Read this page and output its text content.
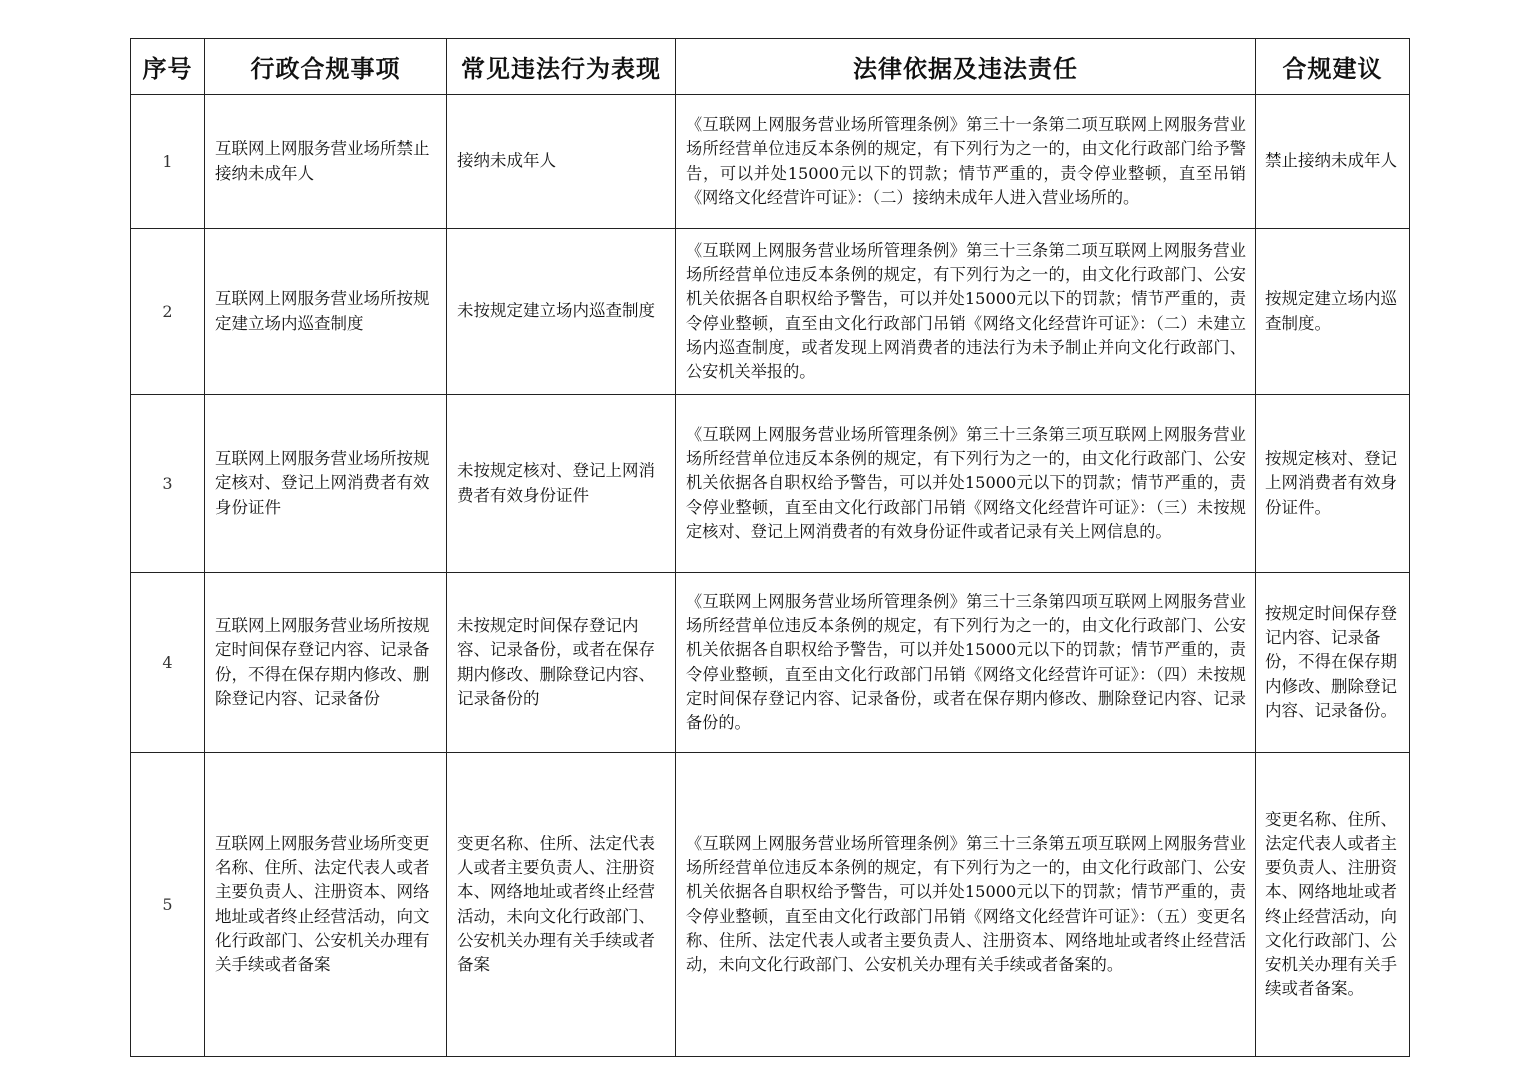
序号	行政合规事项	常见违法行为表现	法律依据及违法责任	合规建议
1	互联网上网服务营业场所禁止接纳未成年人	接纳未成年人	《互联网上网服务营业场所管理条例》第三十一条第二项互联网上网服务营业场所经营单位违反本条例的规定，有下列行为之一的，由文化行政部门给予警告，可以并处15000元以下的罚款；情节严重的，责令停业整顿，直至吊销《网络文化经营许可证》：（二）接纳未成年人进入营业场所的。	禁止接纳未成年人

2	互联网上网服务营业场所按规定建立场内巡查制度	未按规定建立场内巡查制度	《互联网上网服务营业场所管理条例》第三十三条第二项互联网上网服务营业场所经营单位违反本条例的规定，有下列行为之一的，由文化行政部门、公安机关依据各自职权给予警告，可以并处15000元以下的罚款；情节严重的，责令停业整顿，直至由文化行政部门吊销《网络文化经营许可证》：（二）未建立场内巡查制度，或者发现上网消费者的违法行为未予制止并向文化行政部门、公安机关举报的。	按规定建立场内巡查制度。

3	互联网上网服务营业场所按规定核对、登记上网消费者有效身份证件	未按规定核对、登记上网消费者有效身份证件	《互联网上网服务营业场所管理条例》第三十三条第三项互联网上网服务营业场所经营单位违反本条例的规定，有下列行为之一的，由文化行政部门、公安机关依据各自职权给予警告，可以并处15000元以下的罚款；情节严重的，责令停业整顿，直至由文化行政部门吊销《网络文化经营许可证》：（三）未按规定核对、登记上网消费者的有效身份证件或者记录有关上网信息的。	按规定核对、登记上网消费者有效身份证件。

4	互联网上网服务营业场所按规定时间保存登记内容、记录备份，不得在保存期内修改、删除登记内容、记录备份	未按规定时间保存登记内容、记录备份，或者在保存期内修改、删除登记内容、记录备份的	《互联网上网服务营业场所管理条例》第三十三条第四项互联网上网服务营业场所经营单位违反本条例的规定，有下列行为之一的，由文化行政部门、公安机关依据各自职权给予警告，可以并处15000元以下的罚款；情节严重的，责令停业整顿，直至由文化行政部门吊销《网络文化经营许可证》：（四）未按规定时间保存登记内容、记录备份，或者在保存期内修改、删除登记内容、记录备份的。	按规定时间保存登记内容、记录备份，不得在保存期内修改、删除登记内容、记录备份。

5	互联网上网服务营业场所变更名称、住所、法定代表人或者主要负责人、注册资本、网络地址或者终止经营活动，向文化行政部门、公安机关办理有关手续或者备案	变更名称、住所、法定代表人或者主要负责人、注册资本、网络地址或者终止经营活动，未向文化行政部门、公安机关办理有关手续或者备案	《互联网上网服务营业场所管理条例》第三十三条第五项互联网上网服务营业场所经营单位违反本条例的规定，有下列行为之一的，由文化行政部门、公安机关依据各自职权给予警告，可以并处15000元以下的罚款；情节严重的，责令停业整顿，直至由文化行政部门吊销《网络文化经营许可证》：（五）变更名称、住所、法定代表人或者主要负责人、注册资本、网络地址或者终止经营活动，未向文化行政部门、公安机关办理有关手续或者备案的。	变更名称、住所、法定代表人或者主要负责人、注册资本、网络地址或者终止经营活动，向文化行政部门、公安机关办理有关手续或者备案。
